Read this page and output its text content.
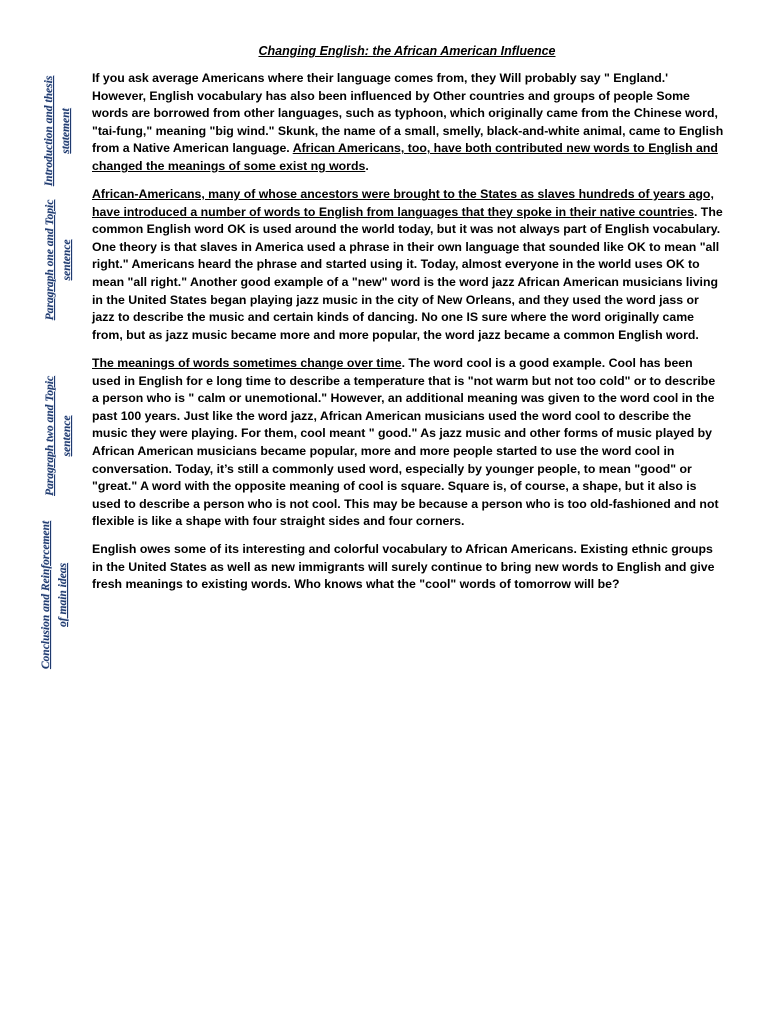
Changing English: the African American Influence
Introduction and thesis statement
Paragraph one and Topic sentence
Paragraph two and Topic sentence
Conclusion and Reinforcement of main ideas

If you ask average Americans where their language comes from, they Will probably say " England.' However, English vocabulary has also been influenced by Other countries and groups of people Some words are borrowed from other languages, such as typhoon, which originally came from the Chinese word, "tai-fung," meaning "big wind." Skunk, the name of a small, smelly, black-and-white animal, came to English from a Native American language. African Americans, too, have both contributed new words to English and changed the meanings of some exist ng words.

African-Americans, many of whose ancestors were brought to the States as slaves hundreds of years ago, have introduced a number of words to English from languages that they spoke in their native countries. The common English word OK is used around the world today, but it was not always part of English vocabulary. One theory is that slaves in America used a phrase in their own language that sounded like OK to mean "all right." Americans heard the phrase and started using it. Today, almost everyone in the world uses OK to mean "all right." Another good example of a "new" word is the word jazz African American musicians living in the United States began playing jazz music in the city of New Orleans, and they used the word jass or jazz to describe the music and certain kinds of dancing. No one IS sure where the word originally came from, but as jazz music became more and more popular, the word jazz became a common English word.

The meanings of words sometimes change over time. The word cool is a good example. Cool has been used in English for e long time to describe a temperature that is "not warm but not too cold" or to describe a person who is " calm or unemotional." However, an additional meaning was given to the word cool in the past 100 years. Just like the word jazz, African American musicians used the word cool to describe the music they were playing. For them, cool meant " good." As jazz music and other forms of music played by African American musicians became popular, more and more people started to use the word cool in conversation. Today, it’s still a commonly used word, especially by younger people, to mean "good" or "great." A word with the opposite meaning of cool is square. Square is, of course, a shape, but it also is used to describe a person who is not cool. This may be because a person who is too old-fashioned and not flexible is like a shape with four straight sides and four corners.

English owes some of its interesting and colorful vocabulary to African Americans. Existing ethnic groups in the United States as well as new immigrants will surely continue to bring new words to English and give fresh meanings to existing words. Who knows what the "cool" words of tomorrow will be?
